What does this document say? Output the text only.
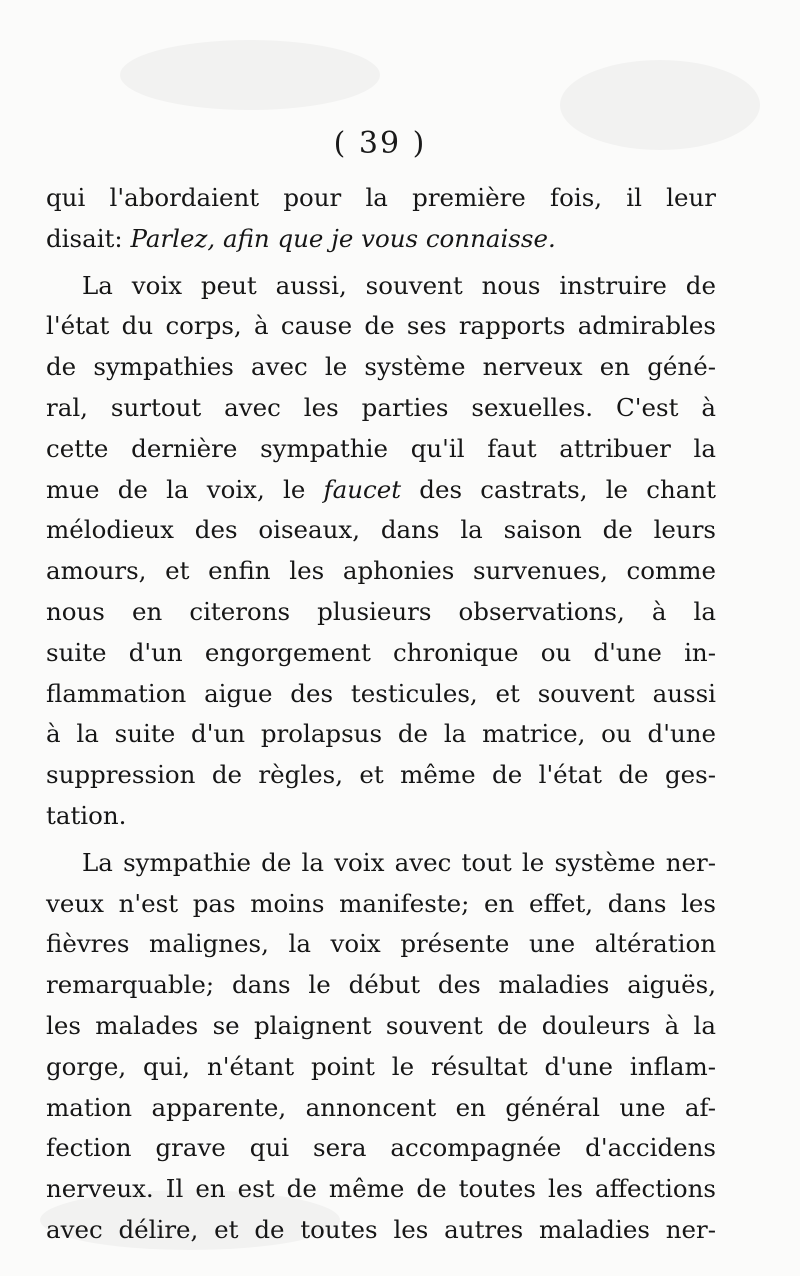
( 39 )
qui l'abordaient pour la première fois, il leur
disait: Parlez, afin que je vous connaisse.
La voix peut aussi, souvent nous instruire de
l'état du corps, à cause de ses rapports admirables
de sympathies avec le système nerveux en géné-
ral, surtout avec les parties sexuelles. C'est à
cette dernière sympathie qu'il faut attribuer la
mue de la voix, le faucet des castrats, le chant
mélodieux des oiseaux, dans la saison de leurs
amours, et enfin les aphonies survenues, comme
nous en citerons plusieurs observations, à la
suite d'un engorgement chronique ou d'une in-
flammation aigue des testicules, et souvent aussi
à la suite d'un prolapsus de la matrice, ou d'une
suppression de règles, et même de l'état de ges-
tation.
La sympathie de la voix avec tout le système ner-
veux n'est pas moins manifeste; en effet, dans les
fièvres malignes, la voix présente une altération
remarquable; dans le début des maladies aiguës,
les malades se plaignent souvent de douleurs à la
gorge, qui, n'étant point le résultat d'une inflam-
mation apparente, annoncent en général une af-
fection grave qui sera accompagnée d'accidens
nerveux. Il en est de même de toutes les affections
avec délire, et de toutes les autres maladies ner-
